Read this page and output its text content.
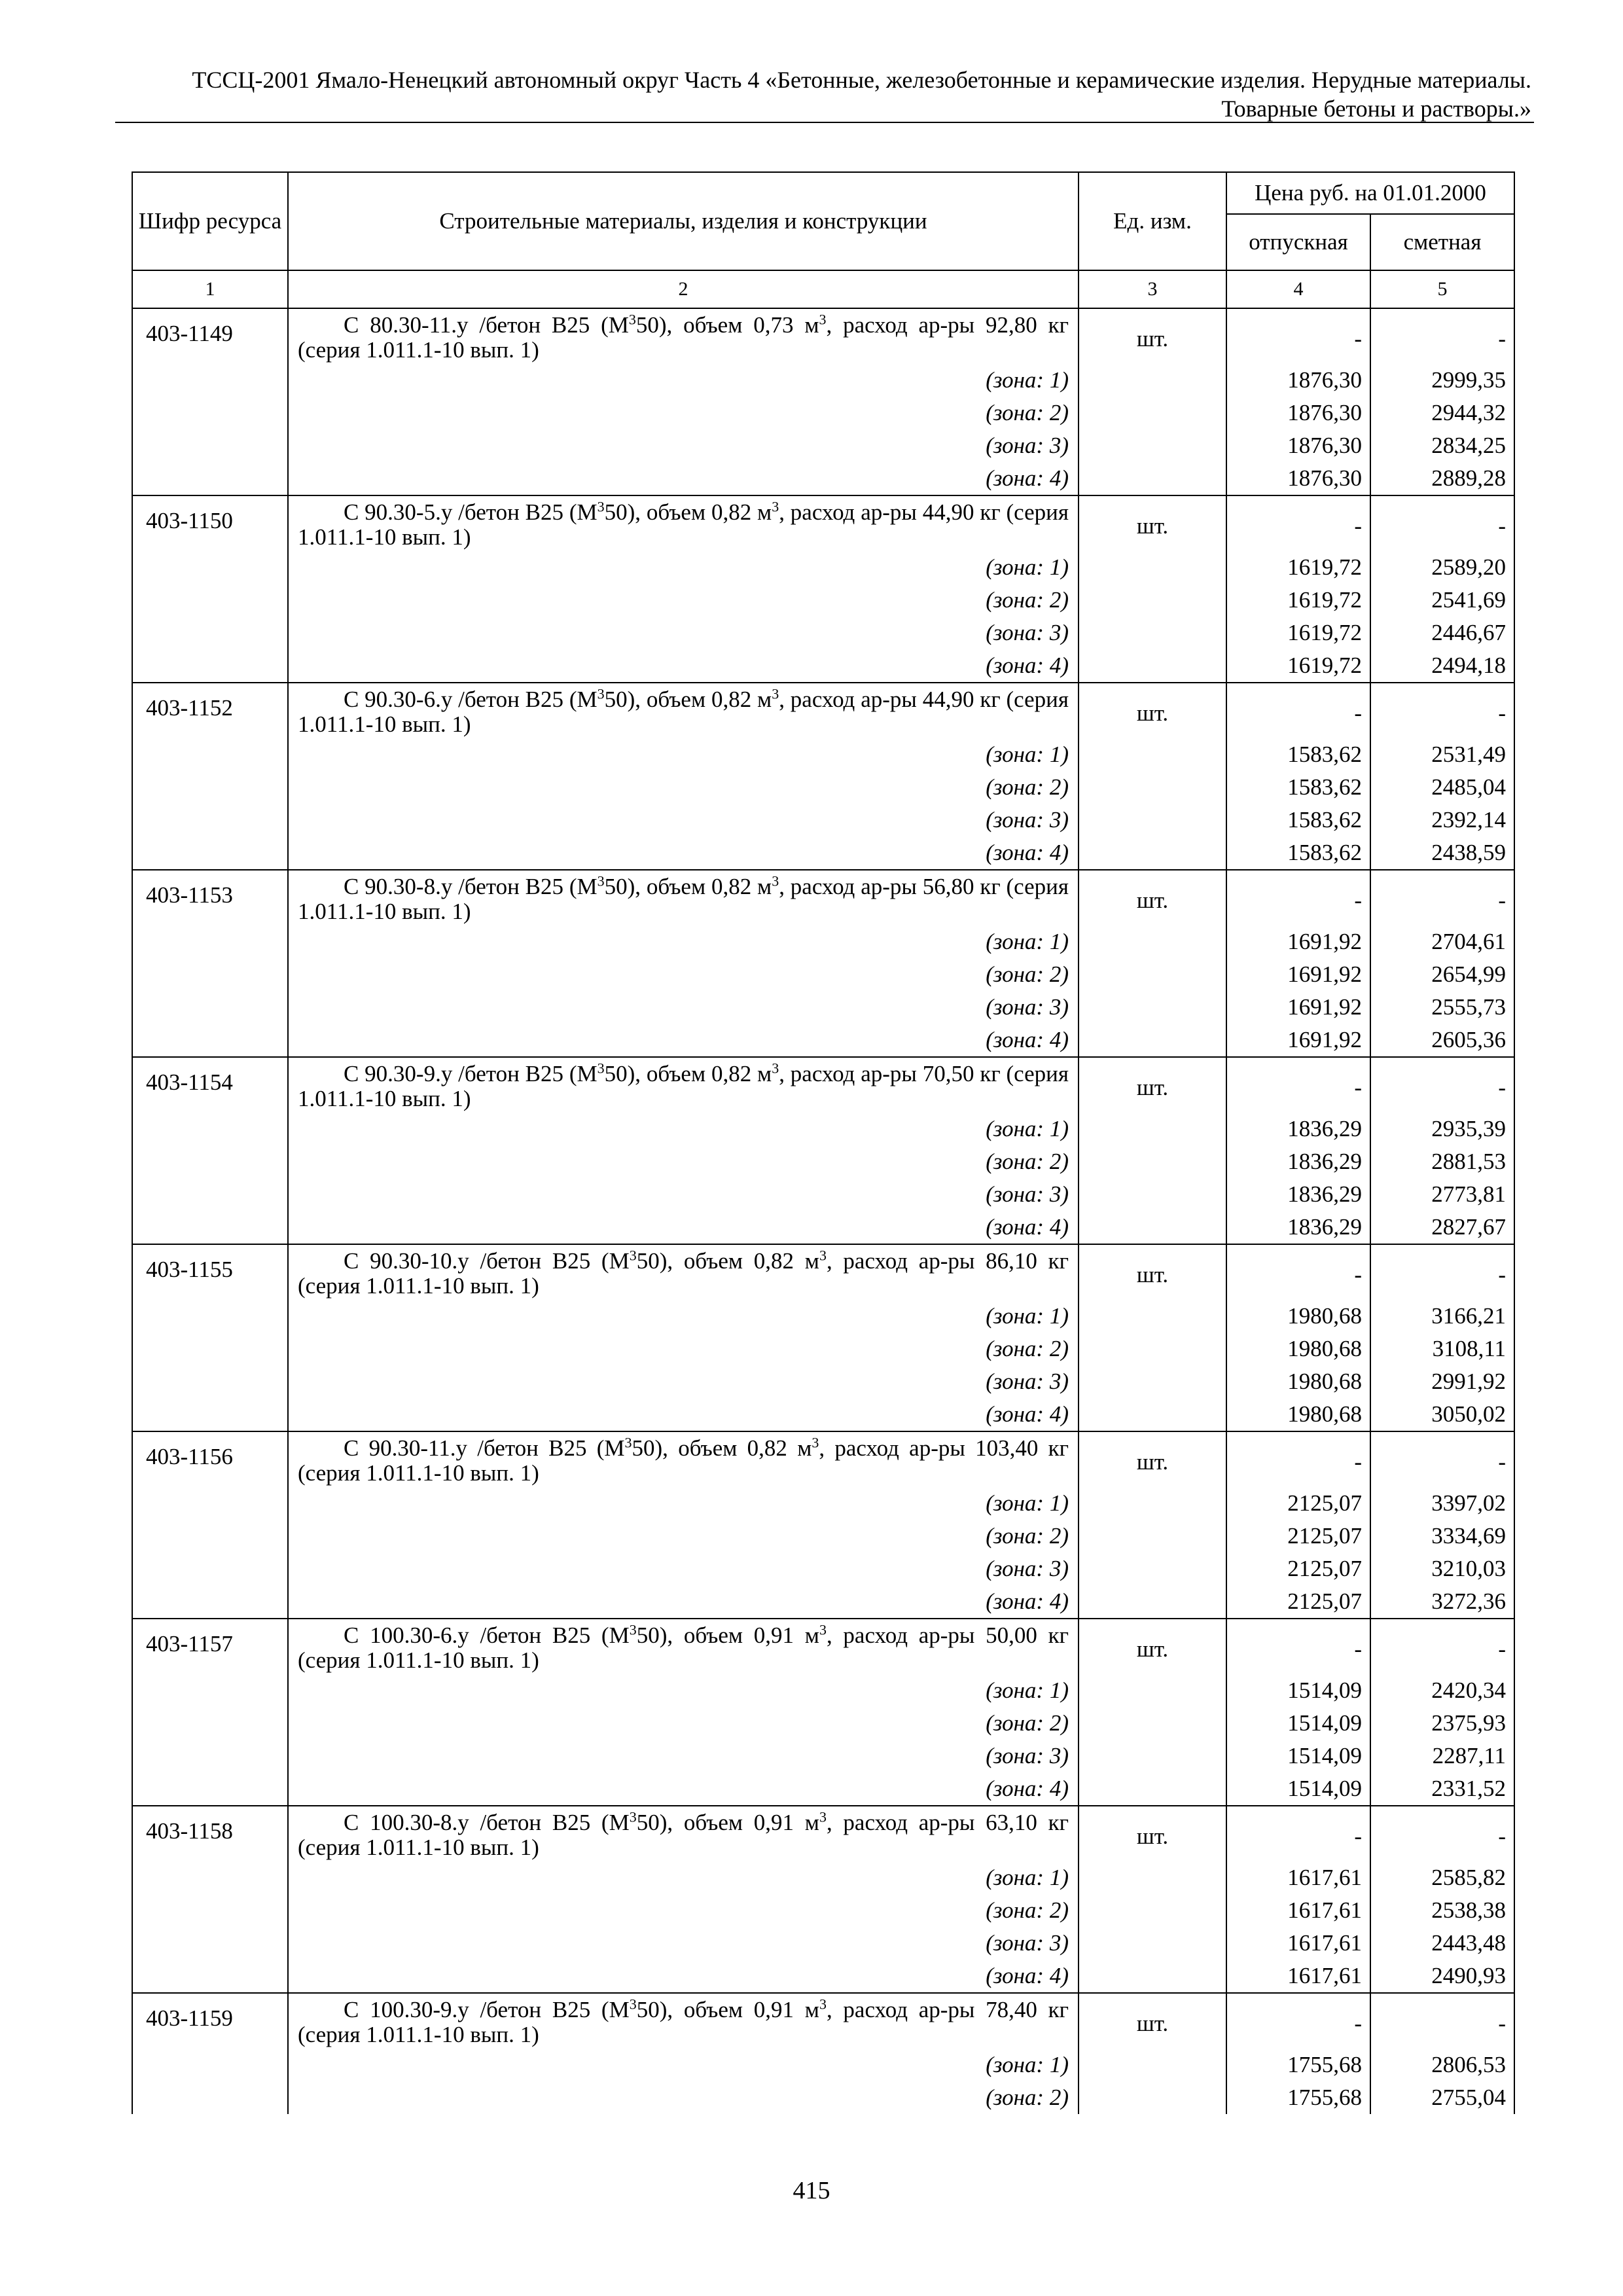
ТССЦ-2001 Ямало-Ненецкий автономный округ Часть 4 «Бетонные, железобетонные и керамические изделия. Нерудные материалы.
Товарные бетоны и растворы.»
Шифр ресурса	Строительные материалы, изделия и конструкции	Ед. изм.	Цена руб. на 01.01.2000	
			отпускная	сметная
1	2	3	4	5
403-1149	С 80.30-11.у /бетон В25 $(М^350)$, объем 0,73 $м^3$, расход ар-ры 92,80 кг (серия 1.011.1-10 вып. 1)	шт.	-	-
	(зона: 1)		1876,30	2999,35
	(зона: 2)		1876,30	2944,32
	(зона: 3)		1876,30	2834,25
	(зона: 4)		1876,30	2889,28
403-1150	С 90.30-5.у /бетон В25 $(М^350)$, объем 0,82 $м^3$, расход ар-ры 44,90 кг (серия 1.011.1-10 вып. 1)	шт.	-	-
	(зона: 1)		1619,72	2589,20
	(зона: 2)		1619,72	2541,69
	(зона: 3)		1619,72	2446,67
	(зона: 4)		1619,72	2494,18
403-1152	С 90.30-6.у /бетон В25 $(М^350)$, объем 0,82 $м^3$, расход ар-ры 44,90 кг (серия 1.011.1-10 вып. 1)	шт.	-	-
	(зона: 1)		1583,62	2531,49
	(зона: 2)		1583,62	2485,04
	(зона: 3)		1583,62	2392,14
	(зона: 4)		1583,62	2438,59
403-1153	С 90.30-8.у /бетон В25 $(М^350)$, объем 0,82 $м^3$, расход ар-ры 56,80 кг (серия 1.011.1-10 вып. 1)	шт.	-	-
	(зона: 1)		1691,92	2704,61
	(зона: 2)		1691,92	2654,99
	(зона: 3)		1691,92	2555,73
	(зона: 4)		1691,92	2605,36
403-1154	С 90.30-9.у /бетон В25 $(М^350)$, объем 0,82 $м^3$, расход ар-ры 70,50 кг (серия 1.011.1-10 вып. 1)	шт.	-	-
	(зона: 1)		1836,29	2935,39
	(зона: 2)		1836,29	2881,53
	(зона: 3)		1836,29	2773,81
	(зона: 4)		1836,29	2827,67
403-1155	С 90.30-10.у /бетон В25 $(М^350)$, объем 0,82 $м^3$, расход ар-ры 86,10 кг (серия 1.011.1-10 вып. 1)	шт.	-	-
	(зона: 1)		1980,68	3166,21
	(зона: 2)		1980,68	3108,11
	(зона: 3)		1980,68	2991,92
	(зона: 4)		1980,68	3050,02
403-1156	С 90.30-11.у /бетон В25 $(М^350)$, объем 0,82 $м^3$, расход ар-ры 103,40 кг (серия 1.011.1-10 вып. 1)	шт.	-	-
	(зона: 1)		2125,07	3397,02
	(зона: 2)		2125,07	3334,69
	(зона: 3)		2125,07	3210,03
	(зона: 4)		2125,07	3272,36
403-1157	С 100.30-6.у /бетон В25 $(М^350)$, объем 0,91 $м^3$, расход ар-ры 50,00 кг (серия 1.011.1-10 вып. 1)	шт.	-	-
	(зона: 1)		1514,09	2420,34
	(зона: 2)		1514,09	2375,93
	(зона: 3)		1514,09	2287,11
	(зона: 4)		1514,09	2331,52
403-1158	С 100.30-8.у /бетон В25 $(М^350)$, объем 0,91 $м^3$, расход ар-ры 63,10 кг (серия 1.011.1-10 вып. 1)	шт.	-	-
	(зона: 1)		1617,61	2585,82
	(зона: 2)		1617,61	2538,38
	(зона: 3)		1617,61	2443,48
	(зона: 4)		1617,61	2490,93
403-1159	С 100.30-9.у /бетон В25 $(М^350)$, объем 0,91 $м^3$, расход ар-ры 78,40 кг (серия 1.011.1-10 вып. 1)	шт.	-	-
	(зона: 1)		1755,68	2806,53
	(зона: 2)		1755,68	2755,04
415
